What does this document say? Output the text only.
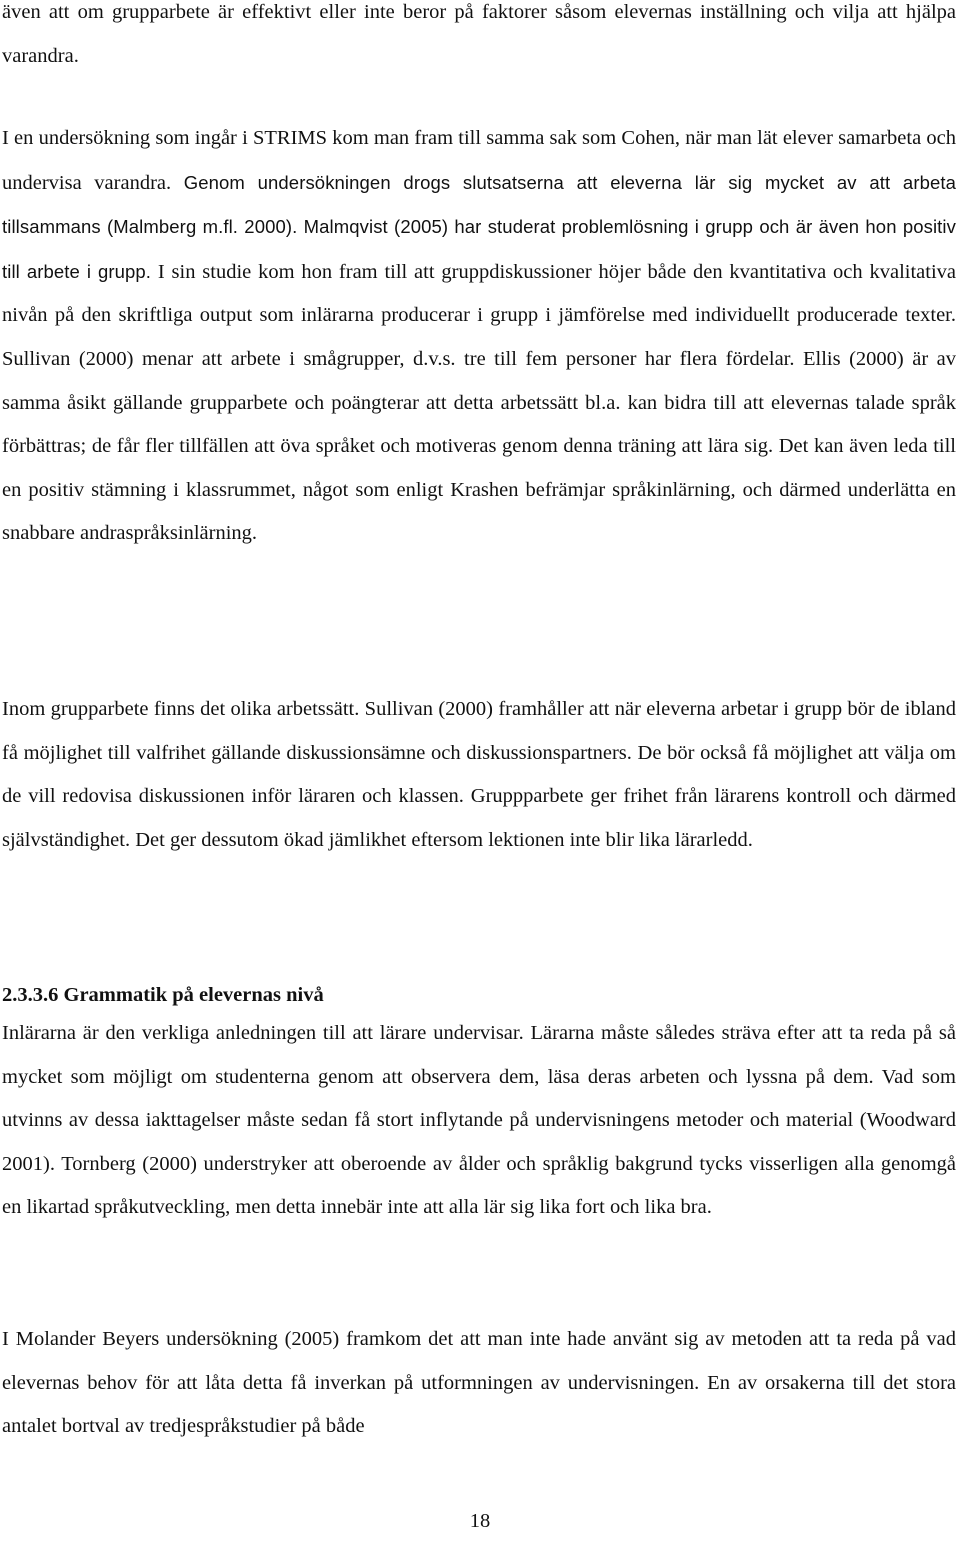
även att om grupparbete är effektivt eller inte beror på faktorer såsom elevernas inställning och vilja att hjälpa varandra.

I en undersökning som ingår i STRIMS kom man fram till samma sak som Cohen, när man lät elever samarbeta och undervisa varandra. Genom undersökningen drogs slutsatserna att eleverna lär sig mycket av att arbeta tillsammans (Malmberg m.fl. 2000). Malmqvist (2005) har studerat problemlösning i grupp och är även hon positiv till arbete i grupp. I sin studie kom hon fram till att gruppdiskussioner höjer både den kvantitativa och kvalitativa nivån på den skriftliga output som inlärarna producerar i grupp i jämförelse med individuellt producerade texter. Sullivan (2000) menar att arbete i smågrupper, d.v.s. tre till fem personer har flera fördelar. Ellis (2000) är av samma åsikt gällande grupparbete och poängterar att detta arbetssätt bl.a. kan bidra till att elevernas talade språk förbättras; de får fler tillfällen att öva språket och motiveras genom denna träning att lära sig. Det kan även leda till en positiv stämning i klassrummet, något som enligt Krashen befrämjar språkinlärning, och därmed underlätta en snabbare andraspråksinlärning.

Inom grupparbete finns det olika arbetssätt. Sullivan (2000) framhåller att när eleverna arbetar i grupp bör de ibland få möjlighet till valfrihet gällande diskussionsämne och diskussionspartners. De bör också få möjlighet att välja om de vill redovisa diskussionen inför läraren och klassen. Gruppparbete ger frihet från lärarens kontroll och därmed självständighet. Det ger dessutom ökad jämlikhet eftersom lektionen inte blir lika lärarledd.

2.3.3.6 Grammatik på elevernas nivå

Inlärarna är den verkliga anledningen till att lärare undervisar. Lärarna måste således sträva efter att ta reda på så mycket som möjligt om studenterna genom att observera dem, läsa deras arbeten och lyssna på dem. Vad som utvinns av dessa iakttagelser måste sedan få stort inflytande på undervisningens metoder och material (Woodward 2001). Tornberg (2000) understryker att oberoende av ålder och språklig bakgrund tycks visserligen alla genomgå en likartad språkutveckling, men detta innebär inte att alla lär sig lika fort och lika bra.

I Molander Beyers undersökning (2005) framkom det att man inte hade använt sig av metoden att ta reda på vad elevernas behov för att låta detta få inverkan på utformningen av undervisningen. En av orsakerna till det stora antalet bortval av tredjespråkstudier på både

18
